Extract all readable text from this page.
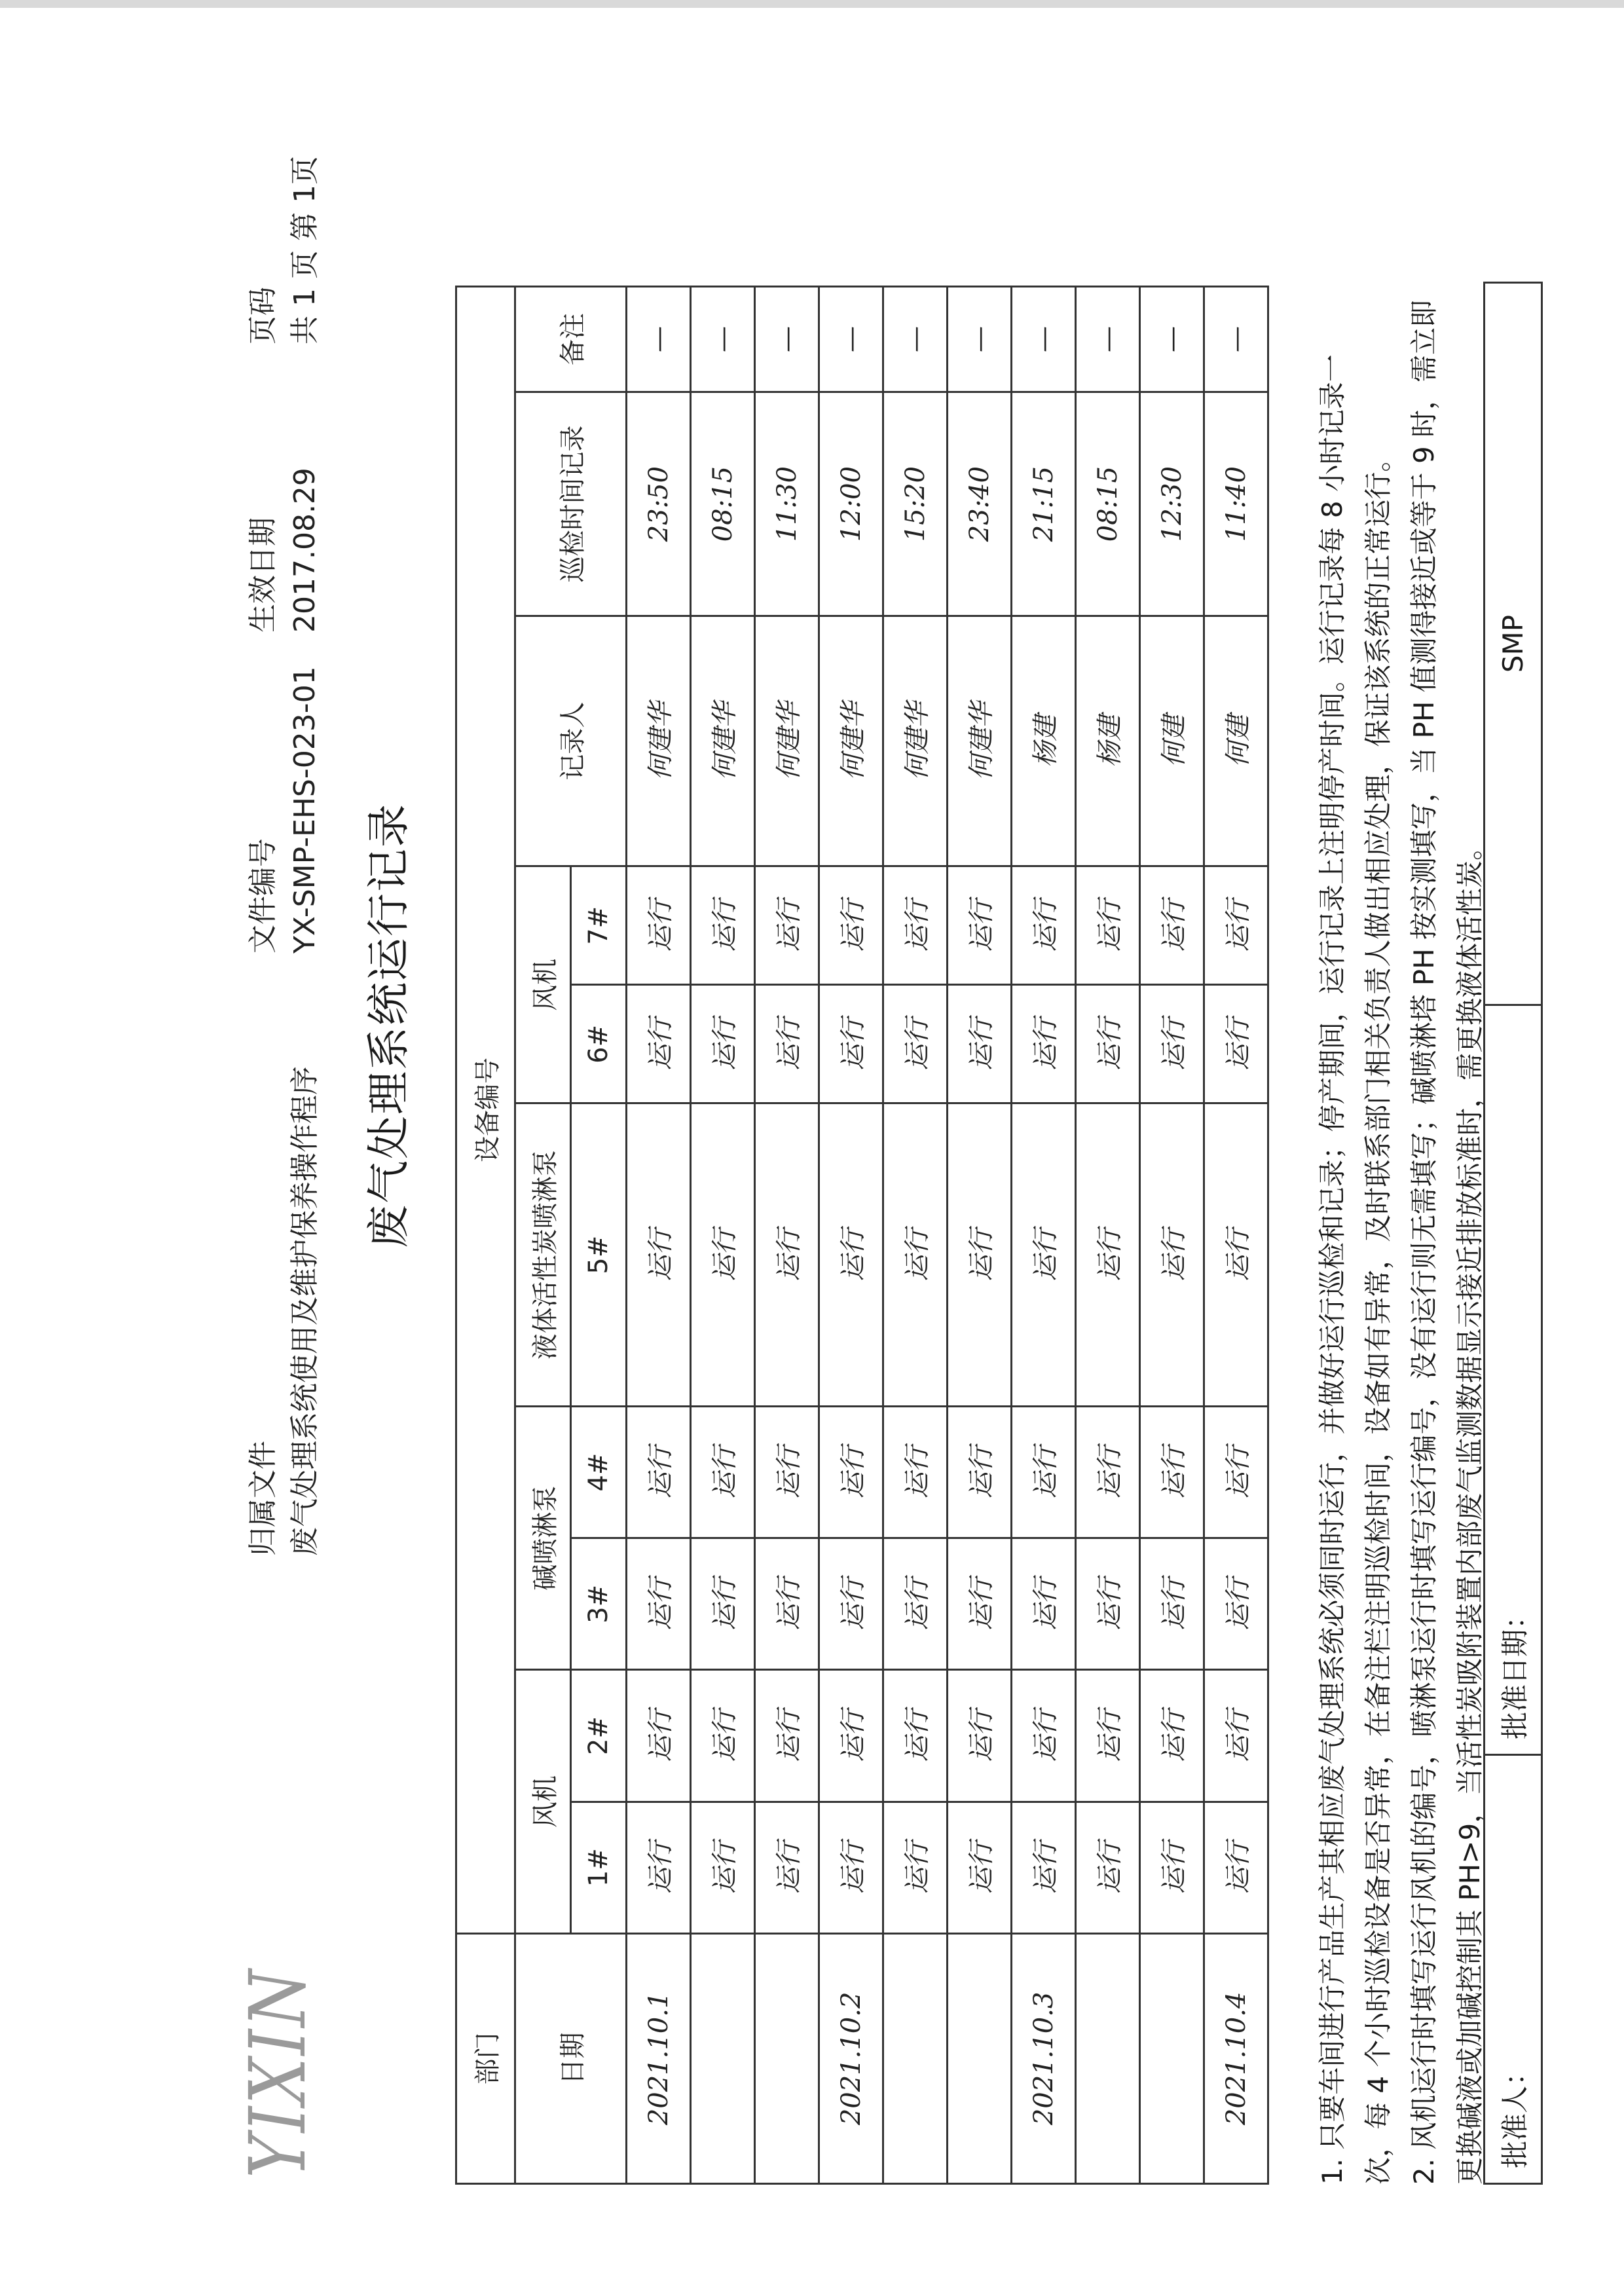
YIXIN
归属文件 废气处理系统使用及维护保养操作程序
文件编号 YX-SMP-EHS-023-01
生效日期 2017.08.29
页码 共 1 页 第 1页
废气处理系统运行记录
部门	设备编号									
日期	风机		碱喷淋泵		液体活性炭喷淋泵	风机		记录人	巡检时间记录	备注
	1#	2#	3#	4#	5#	6#	7#			
2021.10.1	运行	运行	运行	运行	运行	运行	运行	何建华	23:50	—
	运行	运行	运行	运行	运行	运行	运行	何建华	08:15	—
	运行	运行	运行	运行	运行	运行	运行	何建华	11:30	—
2021.10.2	运行	运行	运行	运行	运行	运行	运行	何建华	12:00	—
	运行	运行	运行	运行	运行	运行	运行	何建华	15:20	—
	运行	运行	运行	运行	运行	运行	运行	何建华	23:40	—
2021.10.3	运行	运行	运行	运行	运行	运行	运行	杨建	21:15	—
	运行	运行	运行	运行	运行	运行	运行	杨建	08:15	—
	运行	运行	运行	运行	运行	运行	运行	何建	12:30	—
2021.10.4	运行	运行	运行	运行	运行	运行	运行	何建	11:40	—
1. 只要车间进行产品生产其相应废气处理系统必须同时运行，并做好运行巡检和记录；停产期间，运行记录上注明停产时间。运行记录每 8 小时记录一 次，每 4 个小时巡检设备是否异常，在备注栏注明巡检时间，设备如有异常，及时联系部门相关负责人做出相应处理，保证该系统的正常运行。 2. 风机运行时填写运行风机的编号，喷淋泵运行时填写运行编号，没有运行则无需填写；碱喷淋塔 PH 按实测填写，当 PH 值测得接近或等于 9 时，需立即 更换碱液或加碱控制其 PH>9，当活性炭吸附装置内部废气监测数据显示接近排放标准时，需更换液体活性炭。 批准人：
批准日期：
SMP
